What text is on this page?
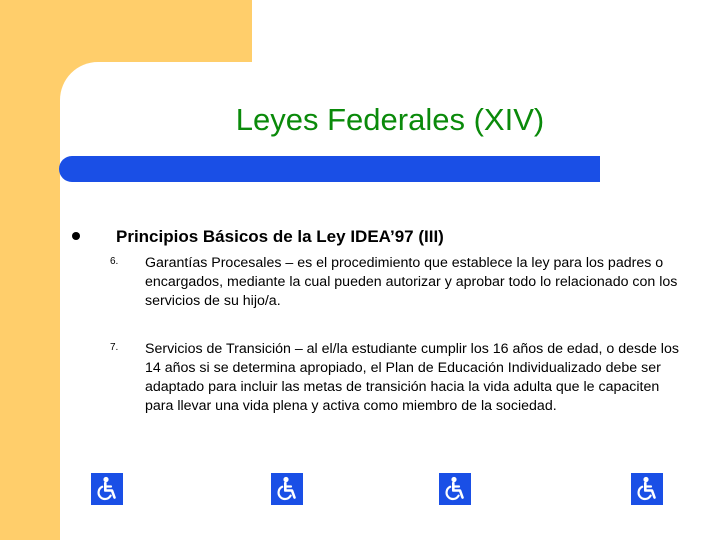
Leyes Federales (XIV)
Principios Básicos de la Ley IDEA’97 (III)
6. Garantías Procesales – es el procedimiento que establece la ley para los padres o encargados, mediante la cual pueden autorizar y aprobar todo lo relacionado con los servicios de su hijo/a.
7. Servicios de Transición – al el/la estudiante cumplir los 16 años de edad, o desde los 14 años si se determina apropiado, el Plan de Educación Individualizado debe ser adaptado para incluir las metas de transición hacia la vida adulta que le capaciten para llevar una vida plena y activa como miembro de la sociedad.
